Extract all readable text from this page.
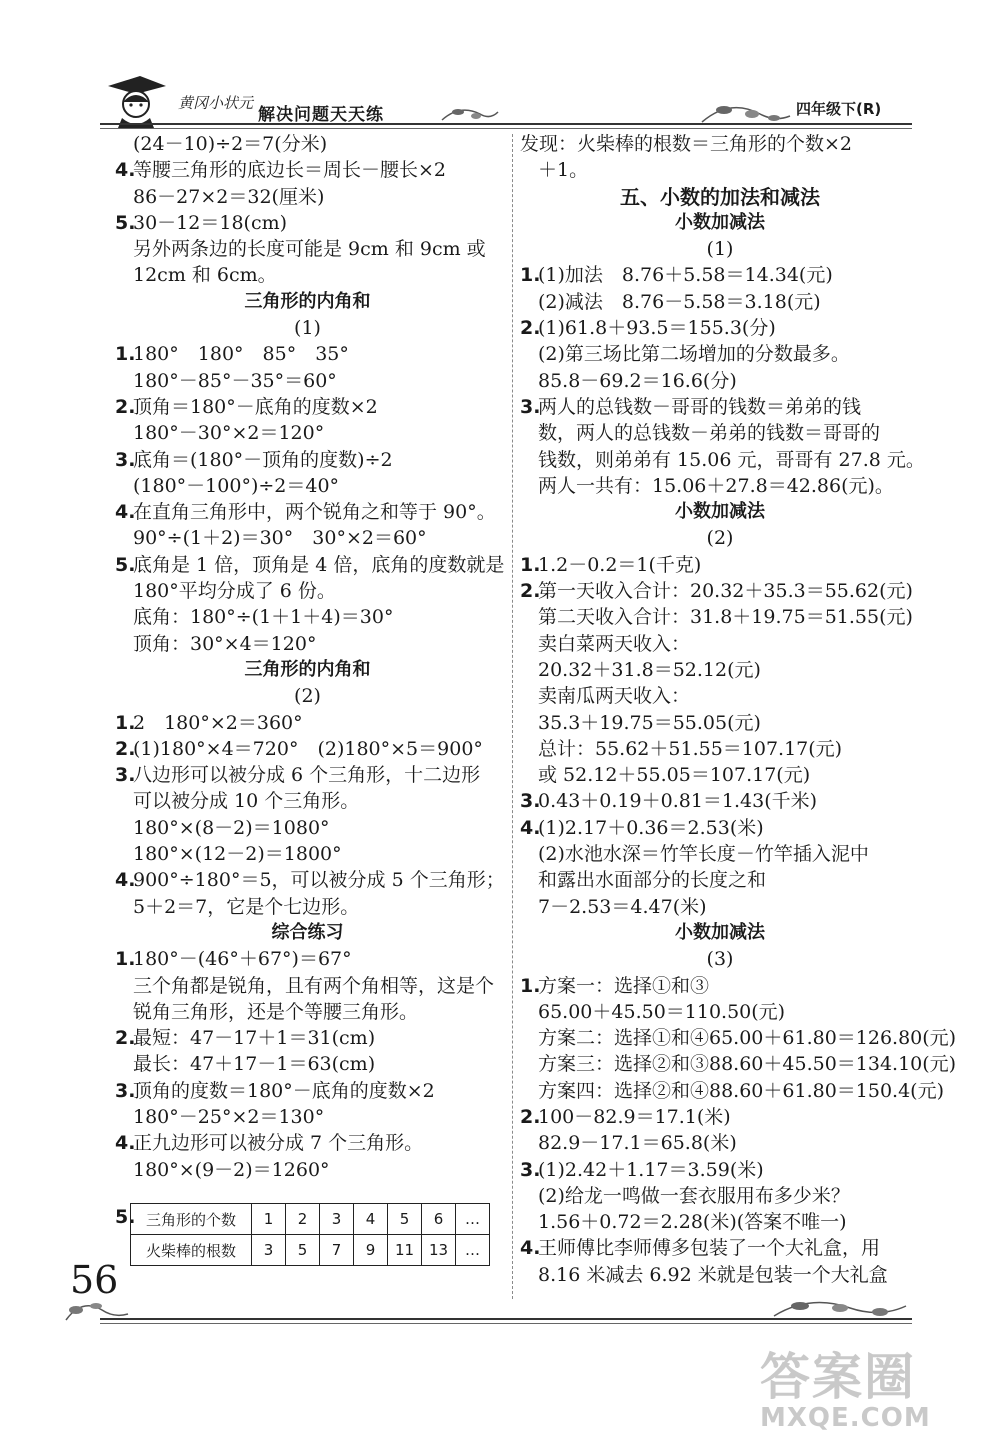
黄冈小状元
解决问题天天练	四年级下(R)
(24－10)÷2＝7(分米)
4.等腰三角形的底边长＝周长－腰长×2
86－27×2＝32(厘米)
5.30－12＝18(cm)
另外两条边的长度可能是 9cm 和 9cm 或
12cm 和 6cm。
三角形的内角和
(1)
1.180°　180°　85°　35°
180°－85°－35°＝60°
2.顶角＝180°－底角的度数×2
180°－30°×2＝120°
3.底角＝(180°－顶角的度数)÷2
(180°－100°)÷2＝40°
4.在直角三角形中，两个锐角之和等于 90°。
90°÷(1＋2)＝30°　30°×2＝60°
5.底角是 1 倍，顶角是 4 倍，底角的度数就是
180°平均分成了 6 份。
底角：180°÷(1＋1＋4)＝30°
顶角：30°×4＝120°
三角形的内角和
(2)
1.2　180°×2＝360°
2.(1)180°×4＝720°　(2)180°×5＝900°
3.八边形可以被分成 6 个三角形，十二边形
可以被分成 10 个三角形。
180°×(8－2)＝1080°
180°×(12－2)＝1800°
4.900°÷180°＝5，可以被分成 5 个三角形；
5＋2＝7，它是个七边形。
综合练习
1.180°－(46°＋67°)＝67°
三个角都是锐角，且有两个角相等，这是个
锐角三角形，还是个等腰三角形。
2.最短：47－17＋1＝31(cm)
最长：47＋17－1＝63(cm)
3.顶角的度数＝180°－底角的度数×2
180°－25°×2＝130°
4.正九边形可以被分成 7 个三角形。
180°×(9－2)＝1260°
发现：火柴棒的根数＝三角形的个数×2
＋1。
五、小数的加法和减法
小数加减法
(1)
1.(1)加法　8.76＋5.58＝14.34(元)
(2)减法　8.76－5.58＝3.18(元)
2.(1)61.8＋93.5＝155.3(分)
(2)第三场比第二场增加的分数最多。
85.8－69.2＝16.6(分)
3.两人的总钱数－哥哥的钱数＝弟弟的钱
数，两人的总钱数－弟弟的钱数＝哥哥的
钱数，则弟弟有 15.06 元，哥哥有 27.8 元。
两人一共有：15.06＋27.8＝42.86(元)。
小数加减法
(2)
1.1.2－0.2＝1(千克)
2.第一天收入合计：20.32＋35.3＝55.62(元)
第二天收入合计：31.8＋19.75＝51.55(元)
卖白菜两天收入：
20.32＋31.8＝52.12(元)
卖南瓜两天收入：
35.3＋19.75＝55.05(元)
总计：55.62＋51.55＝107.17(元)
或 52.12＋55.05＝107.17(元)
3.0.43＋0.19＋0.81＝1.43(千米)
4.(1)2.17＋0.36＝2.53(米)
(2)水池水深＝竹竿长度－竹竿插入泥中
和露出水面部分的长度之和
7－2.53＝4.47(米)
小数加减法
(3)
1.方案一：选择①和③
65.00＋45.50＝110.50(元)
方案二：选择①和④65.00＋61.80＝126.80(元)
方案三：选择②和③88.60＋45.50＝134.10(元)
方案四：选择②和④88.60＋61.80＝150.4(元)
2.100－82.9＝17.1(米)
82.9－17.1＝65.8(米)
3.(1)2.42＋1.17＝3.59(米)
(2)给龙一鸣做一套衣服用布多少米？
1.56＋0.72＝2.28(米)(答案不唯一)
4.王师傅比李师傅多包装了一个大礼盒，用
8.16 米减去 6.92 米就是包装一个大礼盒
5. 三角形的个数	1	2	3	4	5	6	…
火柴棒的根数	3	5	7	9	11	13	…
56
答案圈
MXQE.COM
